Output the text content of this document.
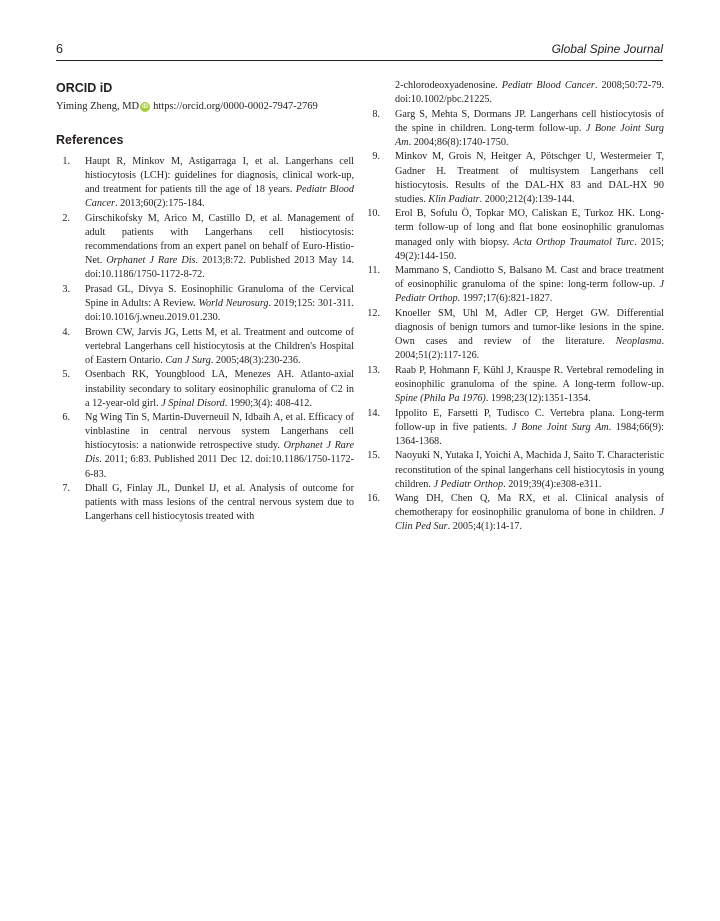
6	Global Spine Journal
ORCID iD

Yiming Zheng, MD iD https://orcid.org/0000-0002-7947-2769

References
1. Haupt R, Minkov M, Astigarraga I, et al. Langerhans cell histiocytosis (LCH): guidelines for diagnosis, clinical work-up, and treatment for patients till the age of 18 years. Pediatr Blood Cancer. 2013;60(2):175-184.
2. Girschikofsky M, Arico M, Castillo D, et al. Management of adult patients with Langerhans cell histiocytosis: recommendations from an expert panel on behalf of Euro-Histio-Net. Orphanet J Rare Dis. 2013;8:72. Published 2013 May 14. doi:10.1186/1750-1172-8-72.
3. Prasad GL, Divya S. Eosinophilic Granuloma of the Cervical Spine in Adults: A Review. World Neurosurg. 2019;125: 301-311. doi:10.1016/j.wneu.2019.01.230.
4. Brown CW, Jarvis JG, Letts M, et al. Treatment and outcome of vertebral Langerhans cell histiocytosis at the Children's Hospital of Eastern Ontario. Can J Surg. 2005;48(3):230-236.
5. Osenbach RK, Youngblood LA, Menezes AH. Atlanto-axial instability secondary to solitary eosinophilic granuloma of C2 in a 12-year-old girl. J Spinal Disord. 1990;3(4): 408-412.
6. Ng Wing Tin S, Martin-Duverneuil N, Idbaih A, et al. Efficacy of vinblastine in central nervous system Langerhans cell histiocytosis: a nationwide retrospective study. Orphanet J Rare Dis. 2011; 6:83. Published 2011 Dec 12. doi:10.1186/1750-1172-6-83.
7. Dhall G, Finlay JL, Dunkel IJ, et al. Analysis of outcome for patients with mass lesions of the central nervous system due to Langerhans cell histiocytosis treated with

2-chlorodeoxyadenosine. Pediatr Blood Cancer. 2008;50:72-79. doi:10.1002/pbc.21225.

8. Garg S, Mehta S, Dormans JP. Langerhans cell histiocytosis of the spine in children. Long-term follow-up. J Bone Joint Surg Am. 2004;86(8):1740-1750.
9. Minkov M, Grois N, Heitger A, Pötschger U, Westermeier T, Gadner H. Treatment of multisystem Langerhans cell histiocytosis. Results of the DAL-HX 83 and DAL-HX 90 studies. Klin Padiatr. 2000;212(4):139-144.
10. Erol B, Sofulu Ö, Topkar MO, Caliskan E, Turkoz HK. Long-term follow-up of long and flat bone eosinophilic granulomas managed only with biopsy. Acta Orthop Traumatol Turc. 2015; 49(2):144-150.
11. Mammano S, Candiotto S, Balsano M. Cast and brace treatment of eosinophilic granuloma of the spine: long-term follow-up. J Pediatr Orthop. 1997;17(6):821-1827.
12. Knoeller SM, Uhl M, Adler CP, Herget GW. Differential diagnosis of benign tumors and tumor-like lesions in the spine. Own cases and review of the literature. Neoplasma. 2004;51(2):117-126.
13. Raab P, Hohmann F, Kühl J, Krauspe R. Vertebral remodeling in eosinophilic granuloma of the spine. A long-term follow-up. Spine (Phila Pa 1976). 1998;23(12):1351-1354.
14. Ippolito E, Farsetti P, Tudisco C. Vertebra plana. Long-term follow-up in five patients. J Bone Joint Surg Am. 1984;66(9): 1364-1368.
15. Naoyuki N, Yutaka I, Yoichi A, Machida J, Saito T. Characteristic reconstitution of the spinal langerhans cell histiocytosis in young children. J Pediatr Orthop. 2019;39(4):e308-e311.
16. Wang DH, Chen Q, Ma RX, et al. Clinical analysis of chemotherapy for eosinophilic granuloma of bone in children. J Clin Ped Sur. 2005;4(1):14-17.
